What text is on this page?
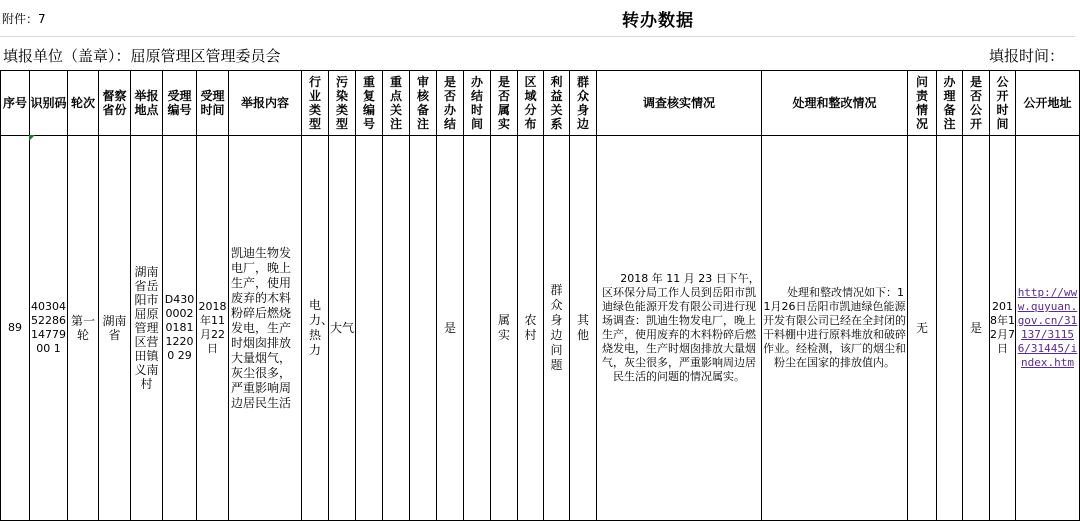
附件：7	转办数据
填报单位（盖章）：屈原管理区管理委员会	填报时间：
序号	识别码	轮次	督察省份	举报地点	受理编号	受理时间	举报内容	行业类型	污染类型	重复编号	重点关注	审核备注	是否办结	办结时间	是否属实	区域分布	利益关系	群众身边	调查核实情况	处理和整改情况	问责情况	办理备注	是否公开	公开时间	公开地址
89	40304522861477900 1	第一轮	湖南省	湖南省岳阳市屈原管理区营田镇义南村	D4300002018112200 29	2018年11月22日	凯迪生物发电厂，晚上生产，使用废弃的木料粉碎后燃烧发电，生产时烟囱排放大量烟气，灰尘很多，严重影响周边居民生活	电力、热力	大气				是		属实	农村	群众身边问题	其他	2018 年 11 月 23 日下午，区环保分局工作人员到岳阳市凯迪绿色能源开发有限公司进行现场调查：凯迪生物发电厂，晚上生产，使用废弃的木料粉碎后燃烧发电，生产时烟囱排放大量烟气，灰尘很多，严重影响周边居民生活的问题的情况属实。	处理和整改情况如下：11月26日岳阳市凯迪绿色能源开发有限公司已经在全封闭的干料棚中进行原料堆放和破碎作业。经检测，该厂的烟尘和粉尘在国家的排放值内。	无		是	2018年12月7日	http://www.quyuan.gov.cn/31137/31156/31445/index.htm
